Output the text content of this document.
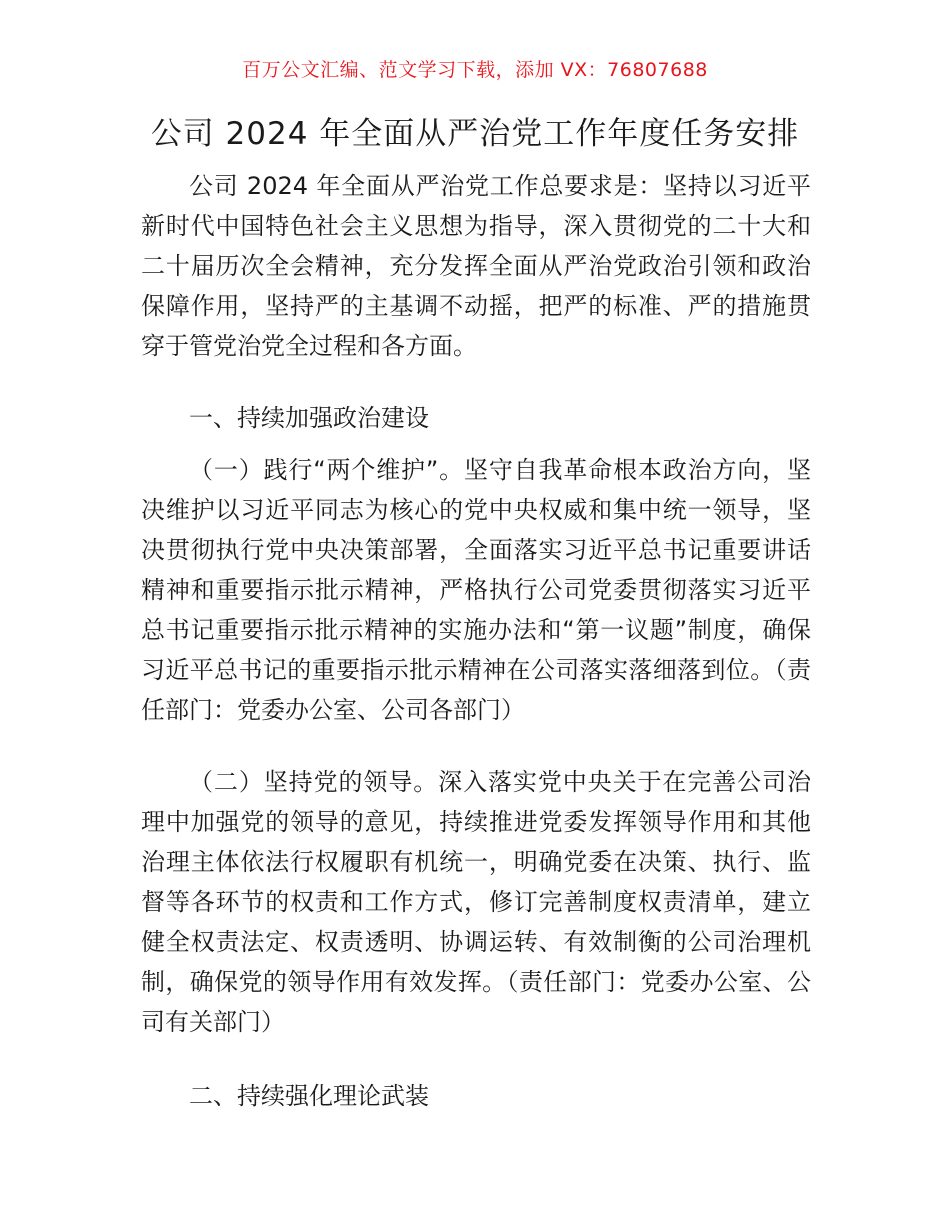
百万公文汇编、范文学习下载，添加 VX：76807688
公司 2024 年全面从严治党工作年度任务安排

公司 2024 年全面从严治党工作总要求是：坚持以习近平新时代中国特色社会主义思想为指导，深入贯彻党的二十大和二十届历次全会精神，充分发挥全面从严治党政治引领和政治保障作用，坚持严的主基调不动摇，把严的标准、严的措施贯穿于管党治党全过程和各方面。

一、持续加强政治建设

（一）践行“两个维护”。坚守自我革命根本政治方向，坚决维护以习近平同志为核心的党中央权威和集中统一领导，坚决贯彻执行党中央决策部署，全面落实习近平总书记重要讲话精神和重要指示批示精神，严格执行公司党委贯彻落实习近平总书记重要指示批示精神的实施办法和“第一议题”制度，确保习近平总书记的重要指示批示精神在公司落实落细落到位。（责任部门：党委办公室、公司各部门）

（二）坚持党的领导。深入落实党中央关于在完善公司治理中加强党的领导的意见，持续推进党委发挥领导作用和其他治理主体依法行权履职有机统一，明确党委在决策、执行、监督等各环节的权责和工作方式，修订完善制度权责清单，建立健全权责法定、权责透明、协调运转、有效制衡的公司治理机制，确保党的领导作用有效发挥。（责任部门：党委办公室、公司有关部门）

二、持续强化理论武装
